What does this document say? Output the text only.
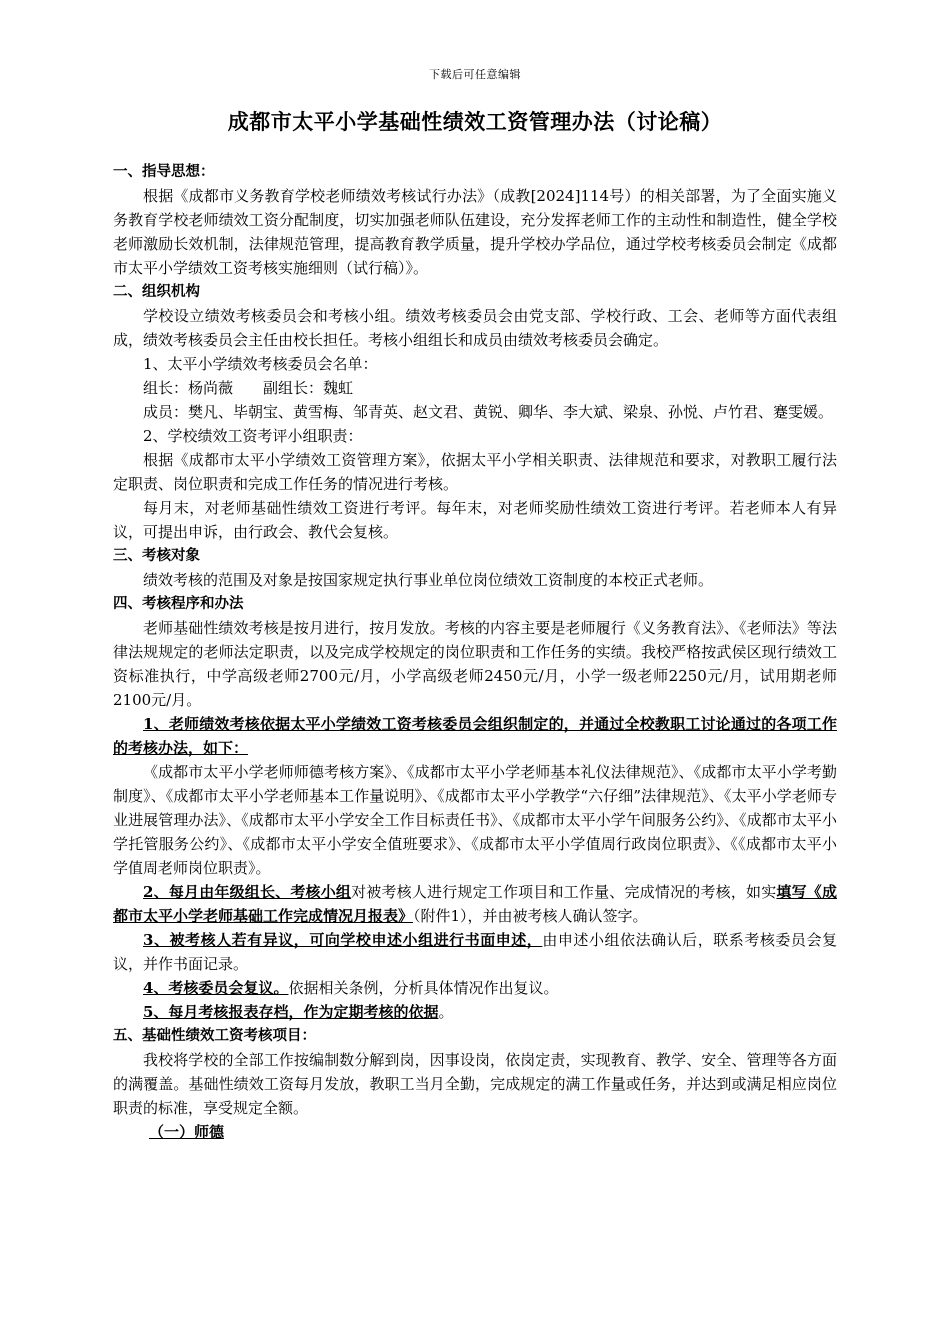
下载后可任意编辑
成都市太平小学基础性绩效工资管理办法（讨论稿）

一、指导思想：

根据《成都市义务教育学校老师绩效考核试行办法》（成教[2024]114号）的相关部署，为了全面实施义务教育学校老师绩效工资分配制度，切实加强老师队伍建设，充分发挥老师工作的主动性和制造性，健全学校老师激励长效机制，法律规范管理，提高教育教学质量，提升学校办学品位，通过学校考核委员会制定《成都市太平小学绩效工资考核实施细则（试行稿）》。

二、组织机构

学校设立绩效考核委员会和考核小组。绩效考核委员会由党支部、学校行政、工会、老师等方面代表组成，绩效考核委员会主任由校长担任。考核小组组长和成员由绩效考核委员会确定。

1、太平小学绩效考核委员会名单：

组长：杨尚薇　　副组长：魏虹

成员：樊凡、毕朝宝、黄雪梅、邹青英、赵文君、黄锐、卿华、李大斌、梁泉、孙悦、卢竹君、蹇雯媛。

2、学校绩效工资考评小组职责：

根据《成都市太平小学绩效工资管理方案》，依据太平小学相关职责、法律规范和要求，对教职工履行法定职责、岗位职责和完成工作任务的情况进行考核。

每月末，对老师基础性绩效工资进行考评。每年末，对老师奖励性绩效工资进行考评。若老师本人有异议，可提出申诉，由行政会、教代会复核。

三、考核对象

绩效考核的范围及对象是按国家规定执行事业单位岗位绩效工资制度的本校正式老师。

四、考核程序和办法

老师基础性绩效考核是按月进行，按月发放。考核的内容主要是老师履行《义务教育法》、《老师法》等法律法规规定的老师法定职责，以及完成学校规定的岗位职责和工作任务的实绩。我校严格按武侯区现行绩效工资标准执行，中学高级老师2700元/月，小学高级老师2450元/月，小学一级老师2250元/月，试用期老师2100元/月。

1、老师绩效考核依据太平小学绩效工资考核委员会组织制定的，并通过全校教职工讨论通过的各项工作的考核办法，如下：

《成都市太平小学老师师德考核方案》、《成都市太平小学老师基本礼仪法律规范》、《成都市太平小学考勤制度》、《成都市太平小学老师基本工作量说明》、《成都市太平小学教学“六仔细”法律规范》、《太平小学老师专业进展管理办法》、《成都市太平小学安全工作目标责任书》、《成都市太平小学午间服务公约》、《成都市太平小学托管服务公约》、《成都市太平小学安全值班要求》、《成都市太平小学值周行政岗位职责》、《《成都市太平小学值周老师岗位职责》。

2、每月由年级组长、考核小组对被考核人进行规定工作项目和工作量、完成情况的考核，如实填写《成都市太平小学老师基础工作完成情况月报表》（附件1），并由被考核人确认签字。

3、被考核人若有异议，可向学校申述小组进行书面申述，由申述小组依法确认后，联系考核委员会复议，并作书面记录。

4、考核委员会复议。依据相关条例，分析具体情况作出复议。

5、每月考核报表存档，作为定期考核的依据。

五、基础性绩效工资考核项目：

我校将学校的全部工作按编制数分解到岗，因事设岗，依岗定责，实现教育、教学、安全、管理等各方面的满覆盖。基础性绩效工资每月发放，教职工当月全勤，完成规定的满工作量或任务，并达到或满足相应岗位职责的标准，享受规定全额。

（一）师德
